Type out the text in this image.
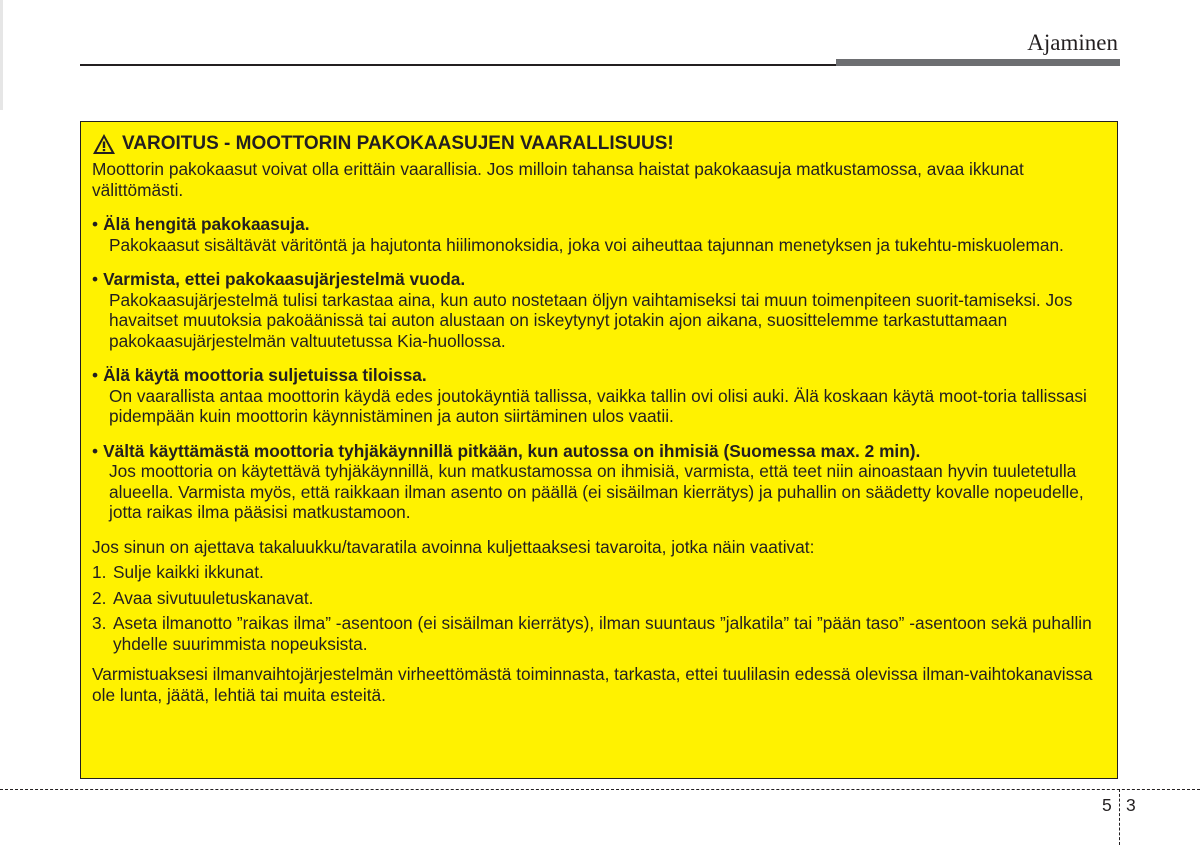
Ajaminen
VAROITUS - MOOTTORIN PAKOKAASUJEN VAARALLISUUS!

Moottorin pakokaasut voivat olla erittäin vaarallisia. Jos milloin tahansa haistat pakokaasuja matkustamossa, avaa ikkunat välittömästi.

• Älä hengitä pakokaasuja.

Pakokaasut sisältävät väritöntä ja hajutonta hiilimonoksidia, joka voi aiheuttaa tajunnan menetyksen ja tukehtu-miskuoleman.

• Varmista, ettei pakokaasujärjestelmä vuoda.

Pakokaasujärjestelmä tulisi tarkastaa aina, kun auto nostetaan öljyn vaihtamiseksi tai muun toimenpiteen suorit-tamiseksi. Jos havaitset muutoksia pakoäänissä tai auton alustaan on iskeytynyt jotakin ajon aikana, suosittelemme tarkastuttamaan pakokaasujärjestelmän valtuutetussa Kia-huollossa.

• Älä käytä moottoria suljetuissa tiloissa.

On vaarallista antaa moottorin käydä edes joutokäyntiä tallissa, vaikka tallin ovi olisi auki. Älä koskaan käytä moot-toria tallissasi pidempään kuin moottorin käynnistäminen ja auton siirtäminen ulos vaatii.

• Vältä käyttämästä moottoria tyhjäkäynnillä pitkään, kun autossa on ihmisiä (Suomessa max. 2 min).

Jos moottoria on käytettävä tyhjäkäynnillä, kun matkustamossa on ihmisiä, varmista, että teet niin ainoastaan hyvin tuuletetulla alueella. Varmista myös, että raikkaan ilman asento on päällä (ei sisäilman kierrätys) ja puhallin on säädetty kovalle nopeudelle, jotta raikas ilma pääsisi matkustamoon.

Jos sinun on ajettava takaluukku/tavaratila avoinna kuljettaaksesi tavaroita, jotka näin vaativat:

1. Sulje kaikki ikkunat.
2. Avaa sivutuuletuskanavat.
3. Aseta ilmanotto ”raikas ilma” -asentoon (ei sisäilman kierrätys), ilman suuntaus ”jalkatila” tai ”pään taso” -asentoon sekä puhallin yhdelle suurimmista nopeuksista.

Varmistuaksesi ilmanvaihtojärjestelmän virheettömästä toiminnasta, tarkasta, ettei tuulilasin edessä olevissa ilman-vaihtokanavissa ole lunta, jäätä, lehtiä tai muita esteitä.

5 3
